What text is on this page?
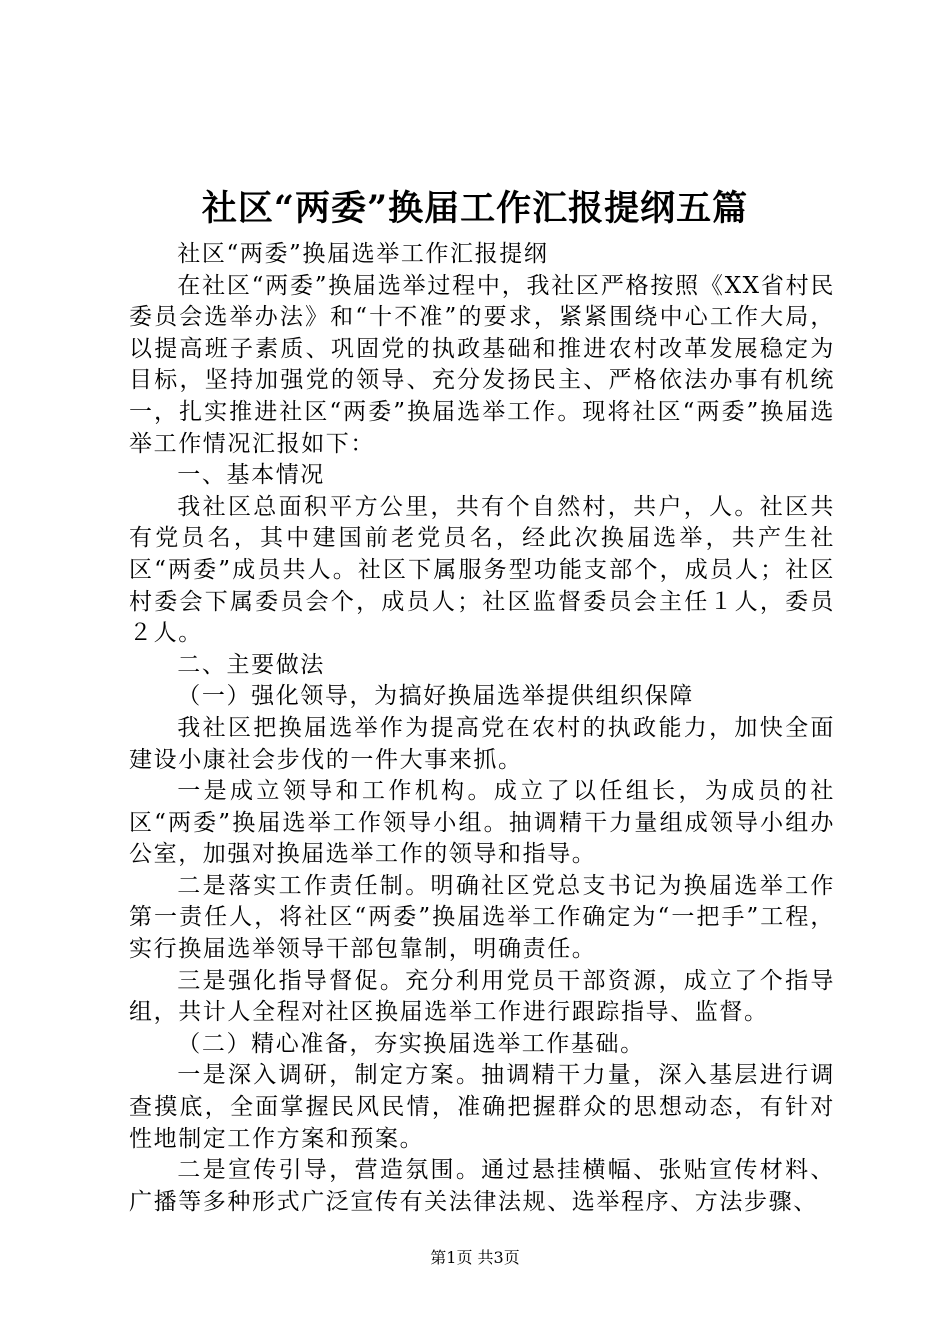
社区“两委”换届工作汇报提纲五篇

社区“两委”换届选举工作汇报提纲

在社区“两委”换届选举过程中，我社区严格按照《XX省村民委员会选举办法》和“十不准”的要求，紧紧围绕中心工作大局，以提高班子素质、巩固党的执政基础和推进农村改革发展稳定为目标，坚持加强党的领导、充分发扬民主、严格依法办事有机统一，扎实推进社区“两委”换届选举工作。现将社区“两委”换届选举工作情况汇报如下：

一、基本情况

我社区总面积平方公里，共有个自然村，共户，人。社区共有党员名，其中建国前老党员名，经此次换届选举，共产生社区“两委”成员共人。社区下属服务型功能支部个，成员人；社区村委会下属委员会个，成员人；社区监督委员会主任１人，委员２人。

二、主要做法

（一）强化领导，为搞好换届选举提供组织保障

我社区把换届选举作为提高党在农村的执政能力，加快全面建设小康社会步伐的一件大事来抓。

一是成立领导和工作机构。成立了以任组长，为成员的社区“两委”换届选举工作领导小组。抽调精干力量组成领导小组办公室，加强对换届选举工作的领导和指导。

二是落实工作责任制。明确社区党总支书记为换届选举工作第一责任人，将社区“两委”换届选举工作确定为“一把手”工程，实行换届选举领导干部包靠制，明确责任。

三是强化指导督促。充分利用党员干部资源，成立了个指导组，共计人全程对社区换届选举工作进行跟踪指导、监督。

（二）精心准备，夯实换届选举工作基础。

一是深入调研，制定方案。抽调精干力量，深入基层进行调查摸底，全面掌握民风民情，准确把握群众的思想动态，有针对性地制定工作方案和预案。

二是宣传引导，营造氛围。通过悬挂横幅、张贴宣传材料、广播等多种形式广泛宣传有关法律法规、选举程序、方法步骤、

第1页 共3页
